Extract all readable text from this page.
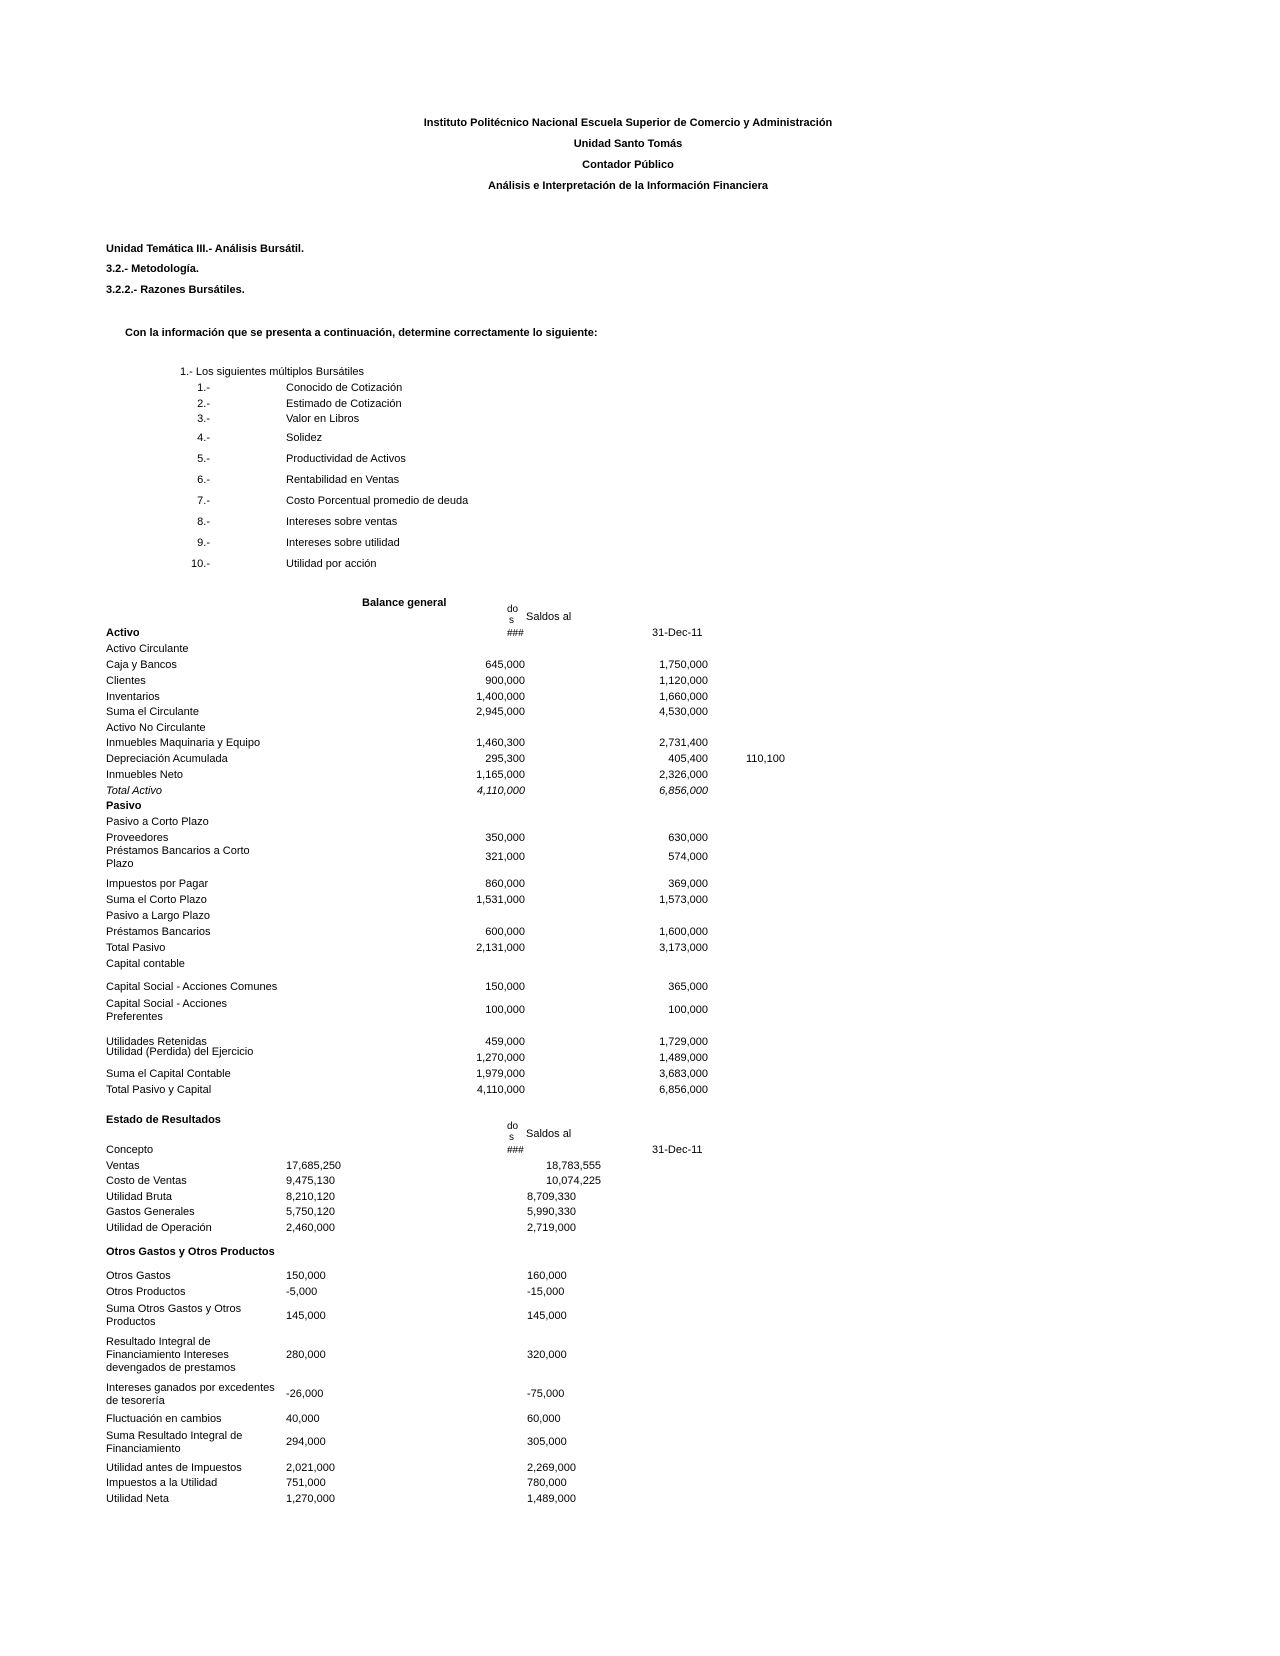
Instituto Politécnico Nacional Escuela Superior de Comercio y Administración
Unidad Santo Tomás
Contador Público
Análisis e Interpretación de la Información Financiera
Unidad Temática III.- Análisis Bursátil.
3.2.- Metodología.
3.2.2.- Razones Bursátiles.
Con la información que se presenta a continuación, determine correctamente lo siguiente:
1.- Los siguientes múltiplos Bursátiles
1.-	Conocido de Cotización
2.-	Estimado de Cotización
3.-	Valor en Libros
4.-	Solidez
5.-	Productividad de Activos
6.-	Rentabilidad en Ventas
7.-	Costo Porcentual promedio de deuda
8.-	Intereses sobre ventas
9.-	Intereses sobre utilidad
10.-	Utilidad por acción
Balance general
do
s Saldos al
Activo	###	31-Dec-11
Activo Circulante
Caja y Bancos	645,000	1,750,000
Clientes	900,000	1,120,000
Inventarios	1,400,000	1,660,000
Suma el Circulante	2,945,000	4,530,000
Activo No Circulante
Inmuebles Maquinaria y Equipo	1,460,300	2,731,400
Depreciación Acumulada	295,300	405,400	110,100
Inmuebles Neto	1,165,000	2,326,000
Total Activo	4,110,000	6,856,000
Pasivo
Pasivo a Corto Plazo
Proveedores	350,000	630,000
Préstamos Bancarios a Corto Plazo
321,000	574,000
Impuestos por Pagar	860,000	369,000
Suma el Corto Plazo	1,531,000	1,573,000
Pasivo a Largo Plazo
Préstamos Bancarios	600,000	1,600,000
Total Pasivo	2,131,000	3,173,000
Capital contable
Capital Social - Acciones Comunes	150,000	365,000
Capital Social - Acciones Preferentes
100,000	100,000
Utilidades Retenidas	459,000	1,729,000
Utilidad (Perdida) del Ejercicio	1,270,000	1,489,000
Suma el Capital Contable	1,979,000	3,683,000
Total Pasivo y Capital	4,110,000	6,856,000
Estado de Resultados
do
s Saldos al
Concepto	###	31-Dec-11
Ventas	17,685,250	18,783,555
Costo de Ventas	9,475,130	10,074,225
Utilidad Bruta	8,210,120	8,709,330
Gastos Generales	5,750,120	5,990,330
Utilidad de Operación	2,460,000	2,719,000
Otros Gastos y Otros Productos
Otros Gastos	150,000	160,000
Otros Productos	-5,000	-15,000
Suma Otros Gastos y Otros Productos	145,000	145,000
Resultado Integral de Financiamiento Intereses devengados de prestamos
280,000	320,000
Intereses ganados por excedentes de tesorería
-26,000	-75,000
Fluctuación en cambios	40,000	60,000
Suma Resultado Integral de Financiamiento
294,000	305,000
Utilidad antes de Impuestos	2,021,000	2,269,000
Impuestos a la Utilidad	751,000	780,000
Utilidad Neta	1,270,000	1,489,000
